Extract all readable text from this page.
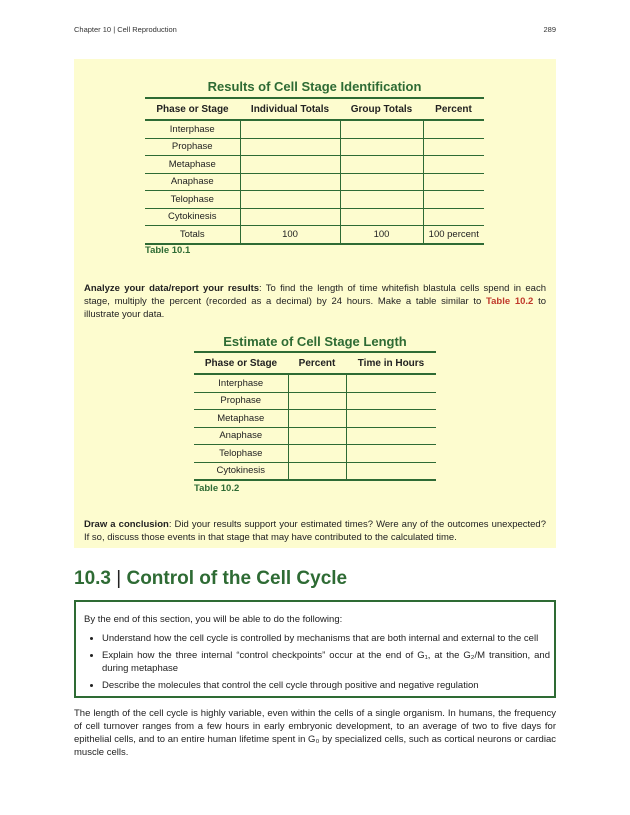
Chapter 10 | Cell Reproduction	289
Results of Cell Stage Identification
Phase or Stage	Individual Totals	Group Totals	Percent
Interphase			
Prophase			
Metaphase			
Anaphase			
Telophase			
Cytokinesis			
Totals	100	100	100 percent
Table 10.1
Analyze your data/report your results: To find the length of time whitefish blastula cells spend in each stage, multiply the percent (recorded as a decimal) by 24 hours. Make a table similar to Table 10.2 to illustrate your data.
Estimate of Cell Stage Length
Phase or Stage	Percent	Time in Hours
Interphase		
Prophase		
Metaphase		
Anaphase		
Telophase		
Cytokinesis		
Table 10.2
Draw a conclusion: Did your results support your estimated times? Were any of the outcomes unexpected? If so, discuss those events in that stage that may have contributed to the calculated time.
10.3 | Control of the Cell Cycle
By the end of this section, you will be able to do the following:
• Understand how the cell cycle is controlled by mechanisms that are both internal and external to the cell
• Explain how the three internal “control checkpoints” occur at the end of G₁, at the G₂/M transition, and during metaphase
• Describe the molecules that control the cell cycle through positive and negative regulation
The length of the cell cycle is highly variable, even within the cells of a single organism. In humans, the frequency of cell turnover ranges from a few hours in early embryonic development, to an average of two to five days for epithelial cells, and to an entire human lifetime spent in G₀ by specialized cells, such as cortical neurons or cardiac muscle cells.
